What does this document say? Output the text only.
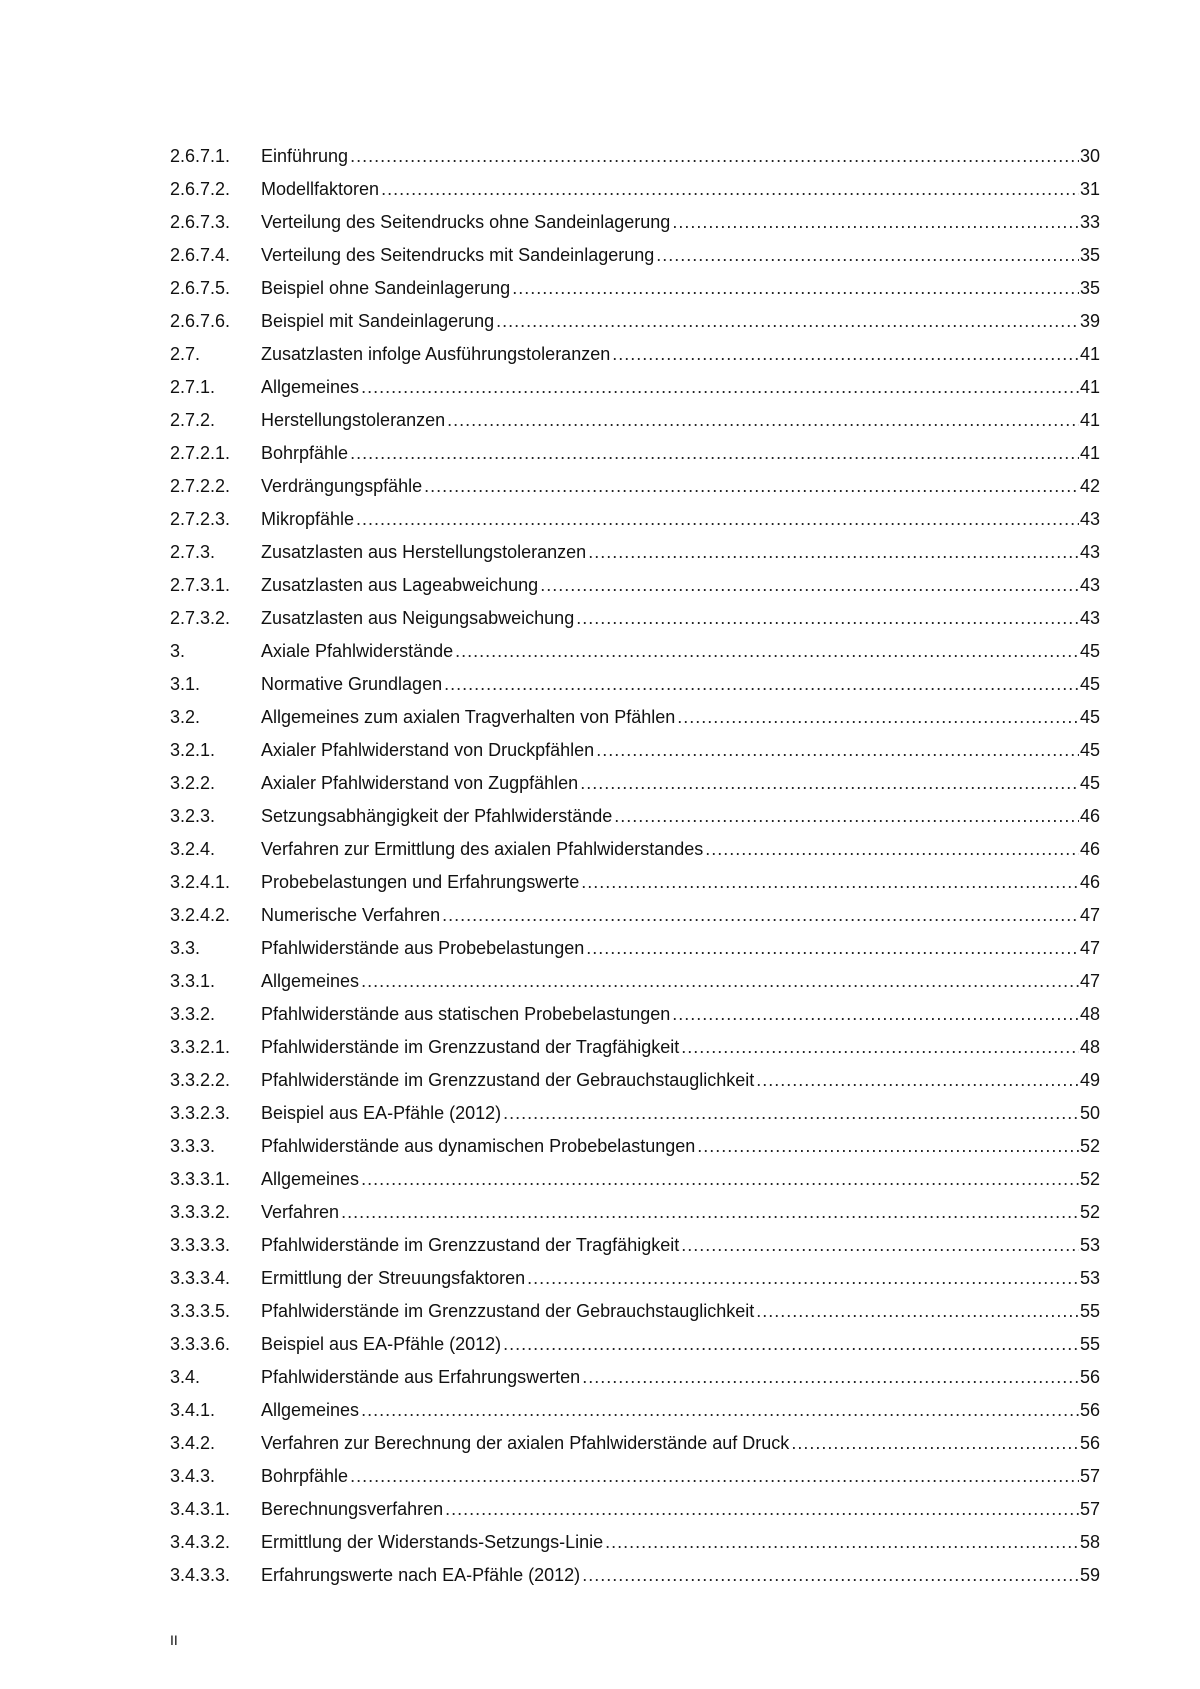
2.6.7.1.	Einführung .....	30
2.6.7.2.	Modellfaktoren .....	31
2.6.7.3.	Verteilung des Seitendrucks ohne Sandeinlagerung .....	33
2.6.7.4.	Verteilung des Seitendrucks mit Sandeinlagerung .....	35
2.6.7.5.	Beispiel ohne Sandeinlagerung .....	35
2.6.7.6.	Beispiel mit Sandeinlagerung .....	39
2.7.	Zusatzlasten infolge Ausführungstoleranzen .....	41
2.7.1.	Allgemeines .....	41
2.7.2.	Herstellungstoleranzen .....	41
2.7.2.1.	Bohrpfähle .....	41
2.7.2.2.	Verdrängungspfähle .....	42
2.7.2.3.	Mikropfähle .....	43
2.7.3.	Zusatzlasten aus Herstellungstoleranzen .....	43
2.7.3.1.	Zusatzlasten aus Lageabweichung .....	43
2.7.3.2.	Zusatzlasten aus Neigungsabweichung .....	43
3.	Axiale Pfahlwiderstände .....	45
3.1.	Normative Grundlagen .....	45
3.2.	Allgemeines zum axialen Tragverhalten von Pfählen .....	45
3.2.1.	Axialer Pfahlwiderstand von Druckpfählen .....	45
3.2.2.	Axialer Pfahlwiderstand von Zugpfählen .....	45
3.2.3.	Setzungsabhängigkeit der Pfahlwiderstände .....	46
3.2.4.	Verfahren zur Ermittlung des axialen Pfahlwiderstandes .....	46
3.2.4.1.	Probebelastungen und Erfahrungswerte .....	46
3.2.4.2.	Numerische Verfahren .....	47
3.3.	Pfahlwiderstände aus Probebelastungen .....	47
3.3.1.	Allgemeines .....	47
3.3.2.	Pfahlwiderstände aus statischen Probebelastungen .....	48
3.3.2.1.	Pfahlwiderstände im Grenzzustand der Tragfähigkeit .....	48
3.3.2.2.	Pfahlwiderstände im Grenzzustand der Gebrauchstauglichkeit .....	49
3.3.2.3.	Beispiel aus EA-Pfähle (2012) .....	50
3.3.3.	Pfahlwiderstände aus dynamischen Probebelastungen .....	52
3.3.3.1.	Allgemeines .....	52
3.3.3.2.	Verfahren .....	52
3.3.3.3.	Pfahlwiderstände im Grenzzustand der Tragfähigkeit .....	53
3.3.3.4.	Ermittlung der Streuungsfaktoren .....	53
3.3.3.5.	Pfahlwiderstände im Grenzzustand der Gebrauchstauglichkeit .....	55
3.3.3.6.	Beispiel aus EA-Pfähle (2012) .....	55
3.4.	Pfahlwiderstände aus Erfahrungswerten .....	56
3.4.1.	Allgemeines .....	56
3.4.2.	Verfahren zur Berechnung der axialen Pfahlwiderstände auf Druck .....	56
3.4.3.	Bohrpfähle .....	57
3.4.3.1.	Berechnungsverfahren .....	57
3.4.3.2.	Ermittlung der Widerstands-Setzungs-Linie .....	58
3.4.3.3.	Erfahrungswerte nach EA-Pfähle (2012) .....	59
II
